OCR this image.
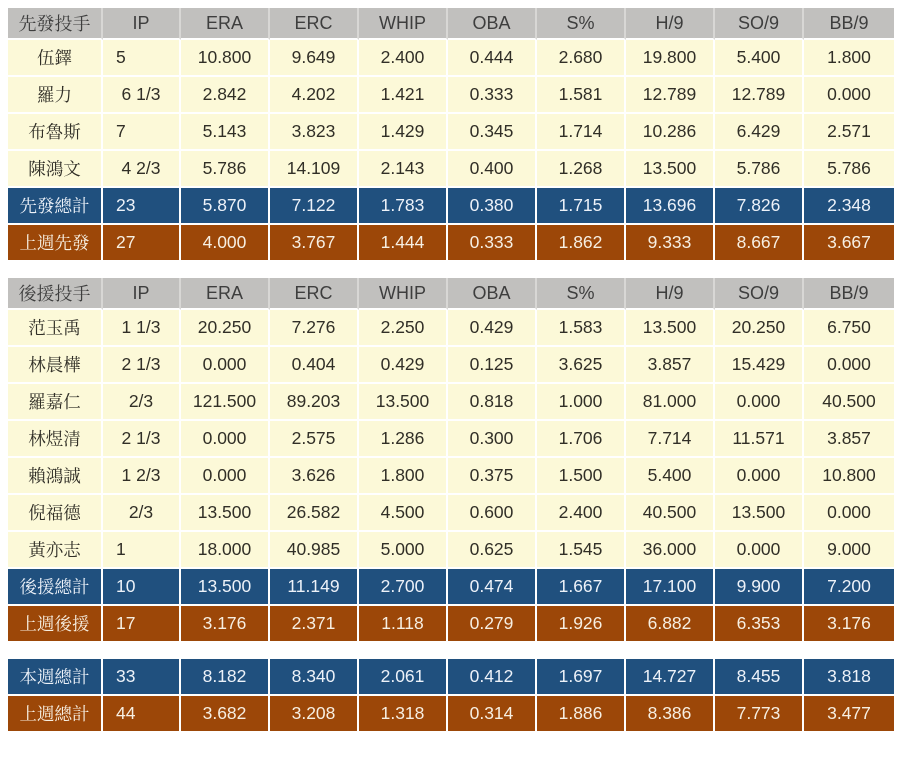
先發投手	IP	ERA	ERC	WHIP	OBA	S%	H/9	SO/9	BB/9
伍鐸	5	10.800	9.649	2.400	0.444	2.680	19.800	5.400	1.800
羅力	6 1/3	2.842	4.202	1.421	0.333	1.581	12.789	12.789	0.000
布魯斯	7	5.143	3.823	1.429	0.345	1.714	10.286	6.429	2.571
陳鴻文	4 2/3	5.786	14.109	2.143	0.400	1.268	13.500	5.786	5.786
先發總計	23	5.870	7.122	1.783	0.380	1.715	13.696	7.826	2.348
上週先發	27	4.000	3.767	1.444	0.333	1.862	9.333	8.667	3.667
後援投手	IP	ERA	ERC	WHIP	OBA	S%	H/9	SO/9	BB/9
范玉禹	1 1/3	20.250	7.276	2.250	0.429	1.583	13.500	20.250	6.750
林晨樺	2 1/3	0.000	0.404	0.429	0.125	3.625	3.857	15.429	0.000
羅嘉仁	2/3	121.500	89.203	13.500	0.818	1.000	81.000	0.000	40.500
林煜清	2 1/3	0.000	2.575	1.286	0.300	1.706	7.714	11.571	3.857
賴鴻誠	1 2/3	0.000	3.626	1.800	0.375	1.500	5.400	0.000	10.800
倪福德	2/3	13.500	26.582	4.500	0.600	2.400	40.500	13.500	0.000
黃亦志	1	18.000	40.985	5.000	0.625	1.545	36.000	0.000	9.000
後援總計	10	13.500	11.149	2.700	0.474	1.667	17.100	9.900	7.200
上週後援	17	3.176	2.371	1.118	0.279	1.926	6.882	6.353	3.176
本週總計	33	8.182	8.340	2.061	0.412	1.697	14.727	8.455	3.818
上週總計	44	3.682	3.208	1.318	0.314	1.886	8.386	7.773	3.477
